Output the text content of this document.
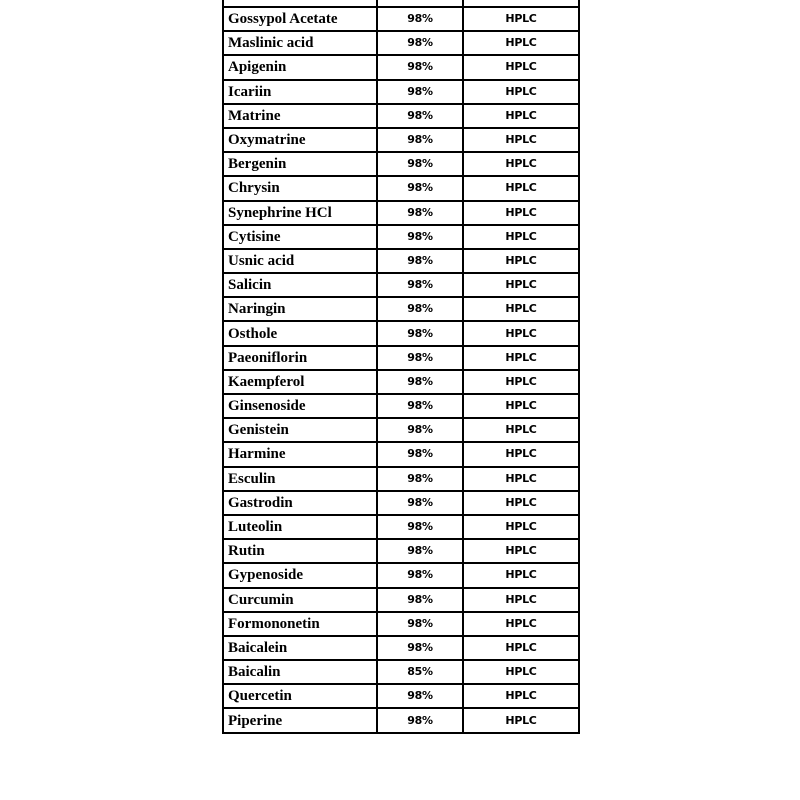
Gossypol Acetate	98%	HPLC
Maslinic acid	98%	HPLC
Apigenin	98%	HPLC
Icariin	98%	HPLC
Matrine	98%	HPLC
Oxymatrine	98%	HPLC
Bergenin	98%	HPLC
Chrysin	98%	HPLC
Synephrine HCl	98%	HPLC
Cytisine	98%	HPLC
Usnic acid	98%	HPLC
Salicin	98%	HPLC
Naringin	98%	HPLC
Osthole	98%	HPLC
Paeoniflorin	98%	HPLC
Kaempferol	98%	HPLC
Ginsenoside	98%	HPLC
Genistein	98%	HPLC
Harmine	98%	HPLC
Esculin	98%	HPLC
Gastrodin	98%	HPLC
Luteolin	98%	HPLC
Rutin	98%	HPLC
Gypenoside	98%	HPLC
Curcumin	98%	HPLC
Formononetin	98%	HPLC
Baicalein	98%	HPLC
Baicalin	85%	HPLC
Quercetin	98%	HPLC
Piperine	98%	HPLC
